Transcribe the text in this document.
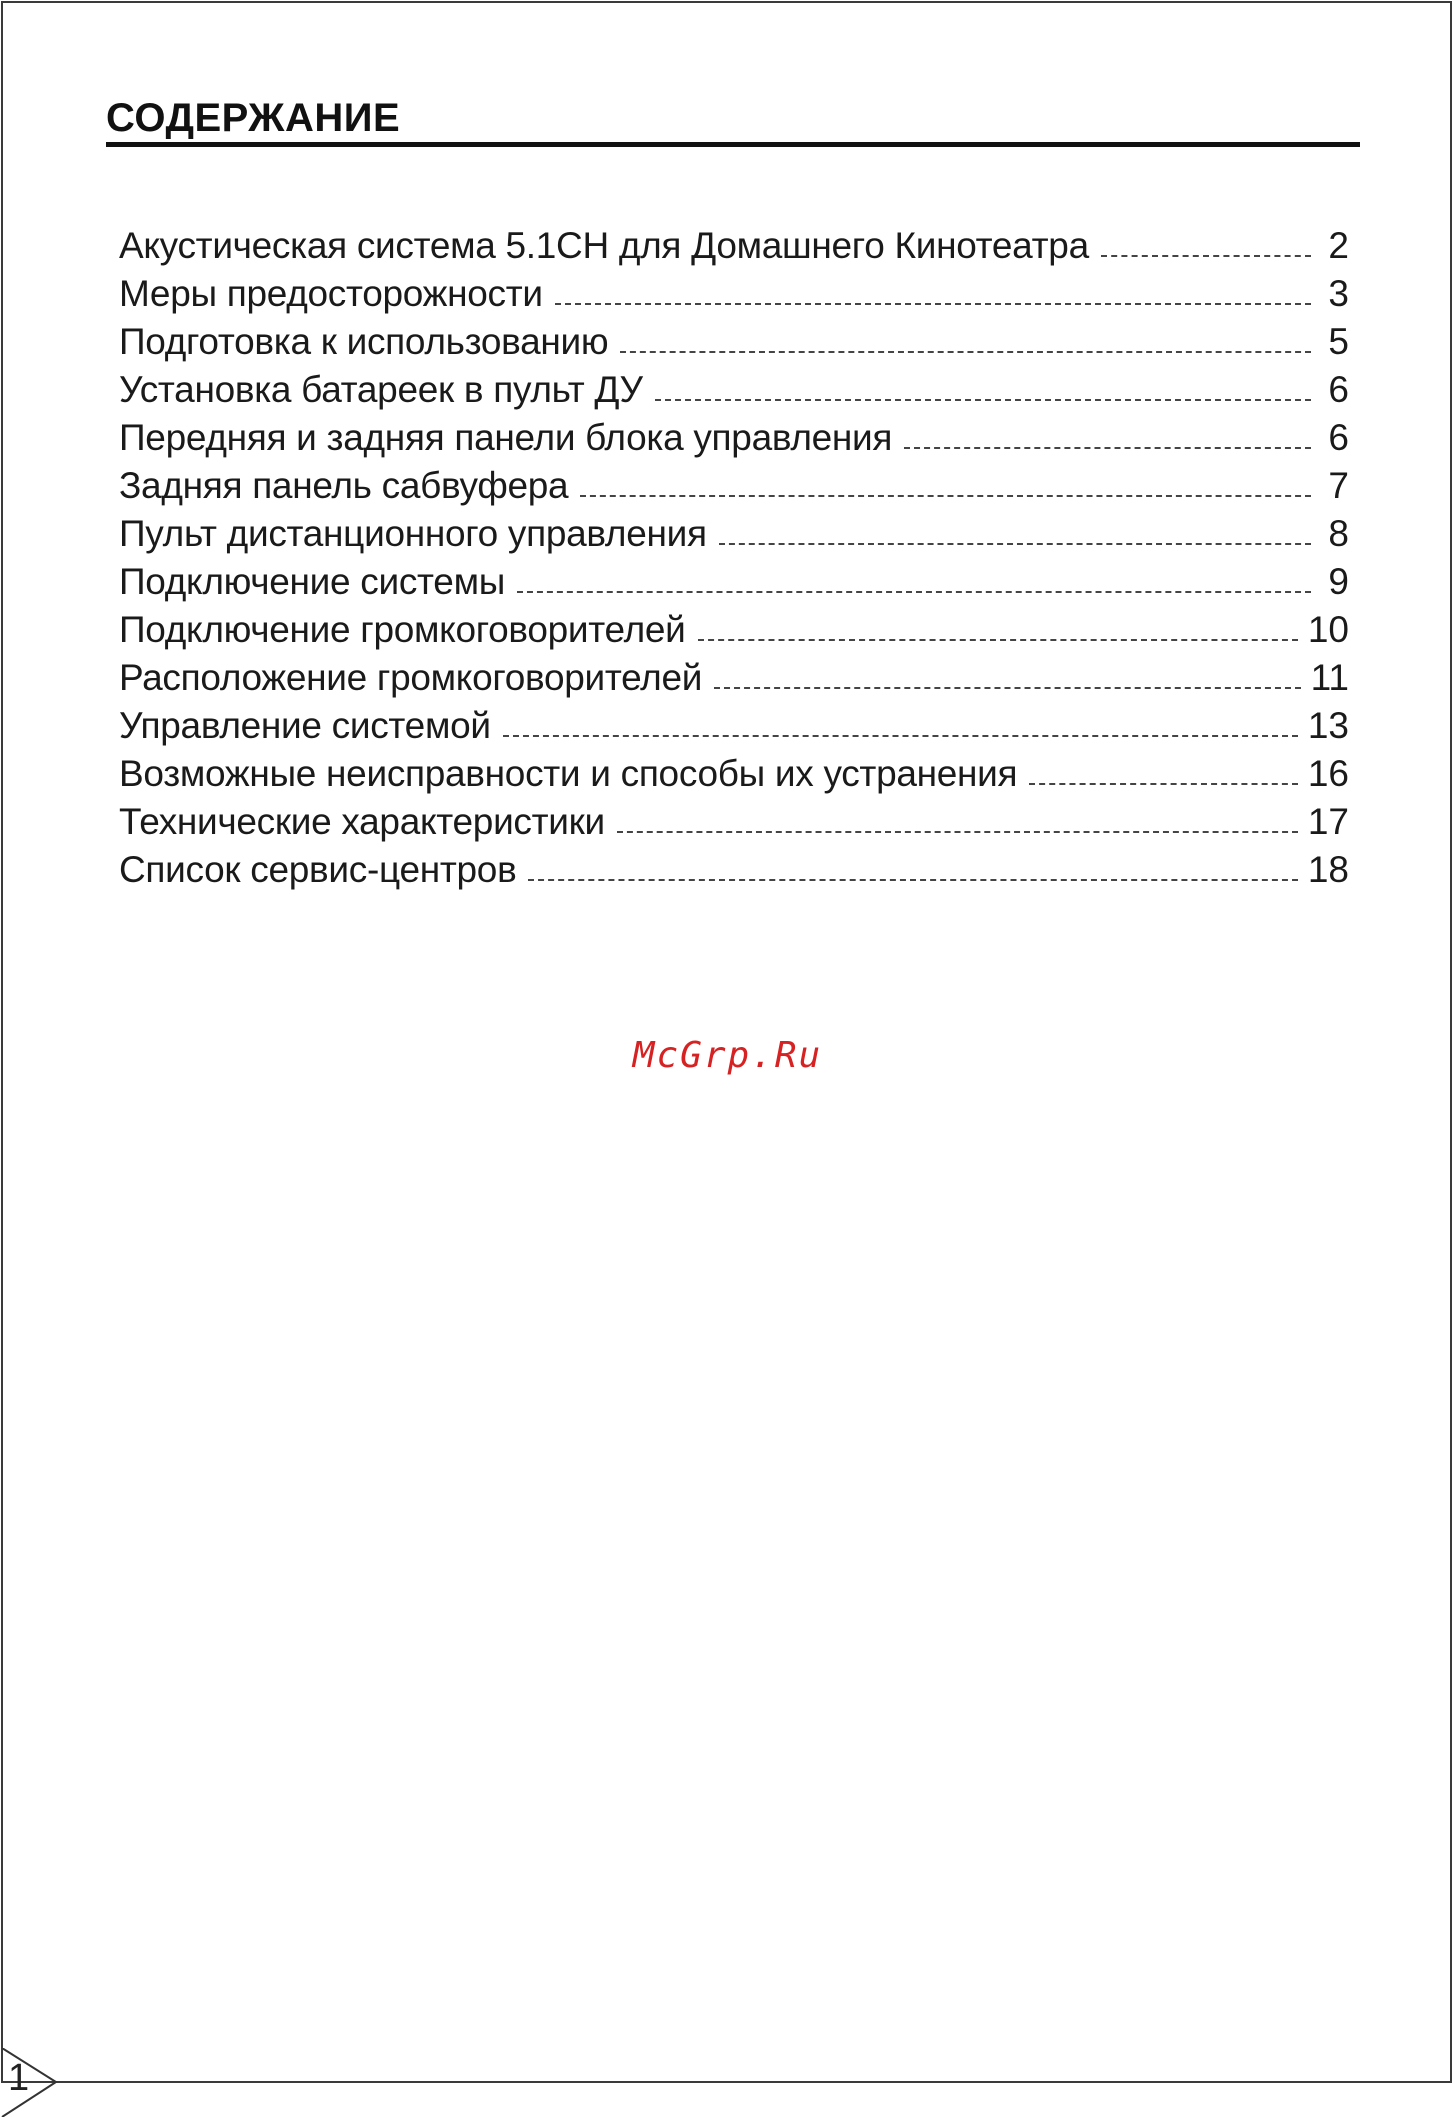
СОДЕРЖАНИЕ
Акустическая система 5.1СН для Домашнего Кинотеатра	2
Меры предосторожности	3
Подготовка к использованию	5
Установка батареек в пульт ДУ	6
Передняя и задняя панели блока управления	6
Задняя панель сабвуфера	7
Пульт дистанционного управления	8
Подключение системы	9
Подключение громкоговорителей	10
Расположение громкоговорителей	11
Управление системой	13
Возможные неисправности и способы их устранения	16
Технические характеристики	17
Список сервис-центров	18
McGrp.Ru
1
